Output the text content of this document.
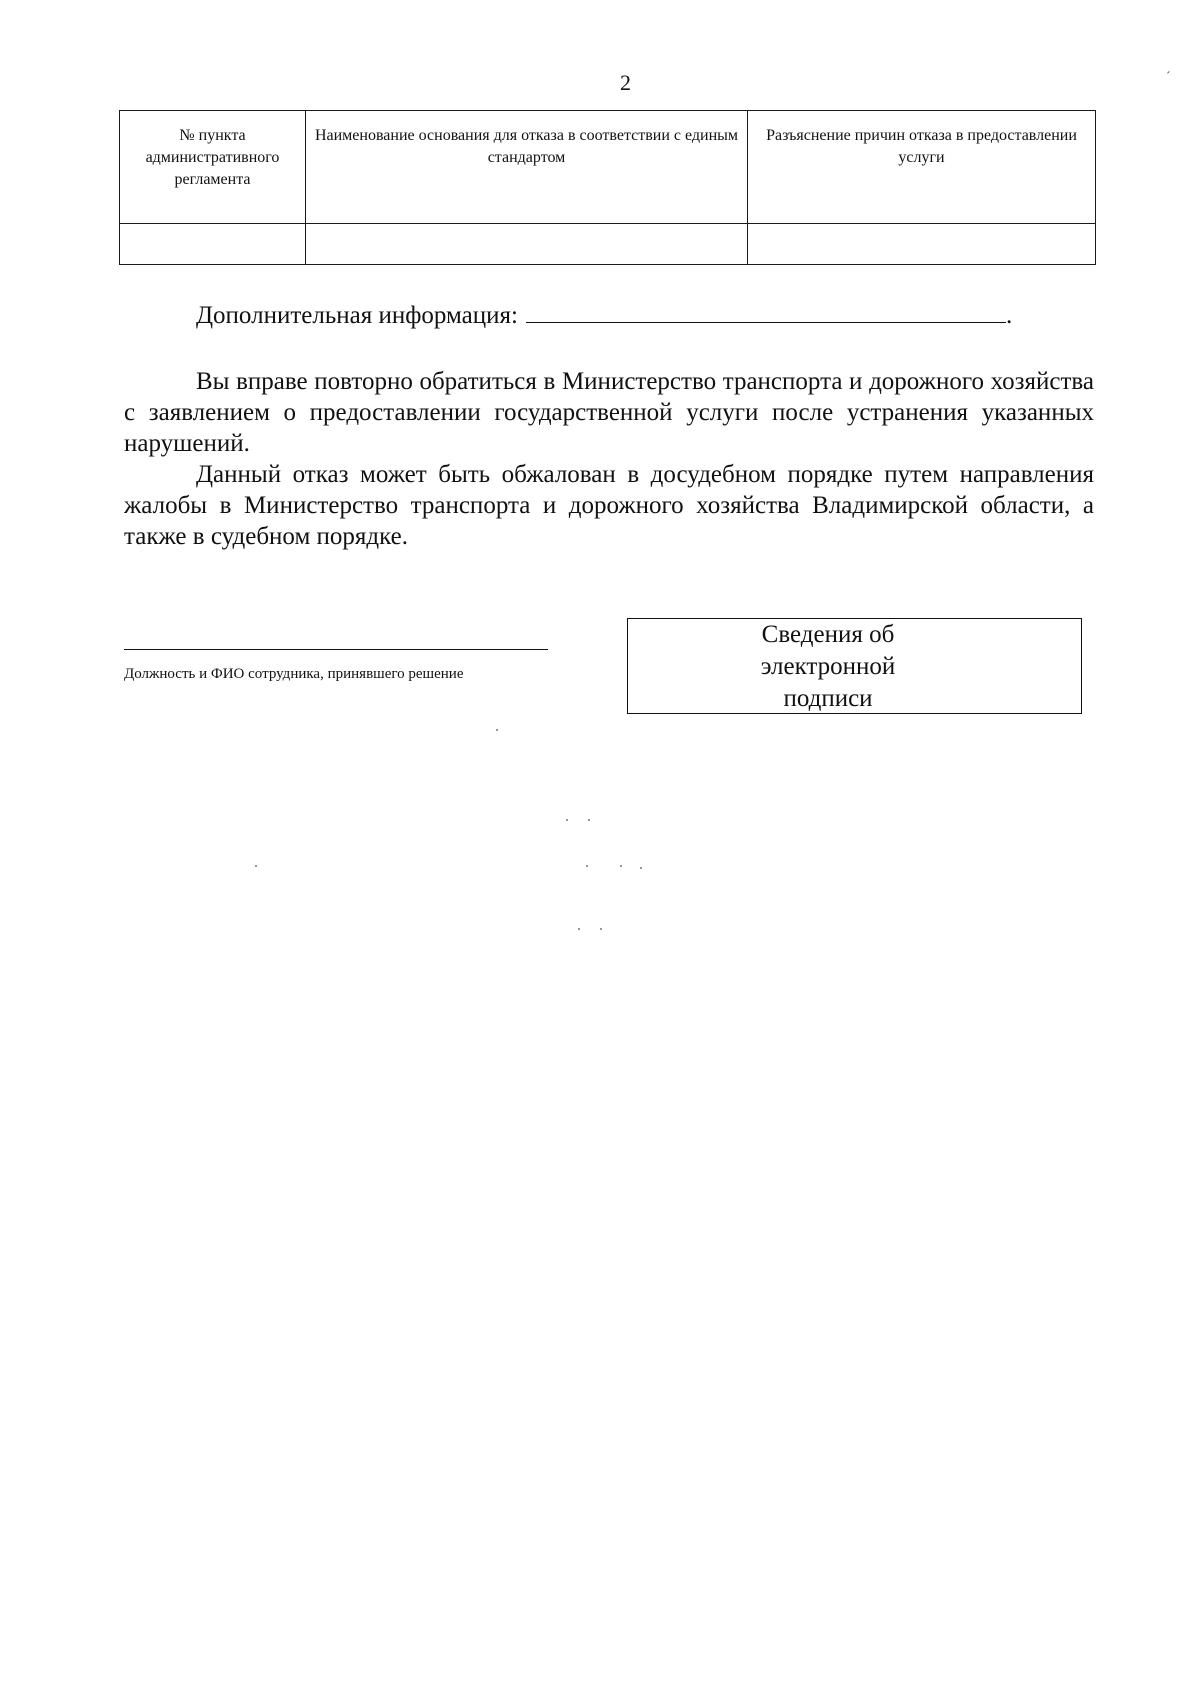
2	´
№ пункта административного регламента	Наименование основания для отказа в соответствии с единым стандартом	Разъяснение причин отказа в предоставлении услуги

Дополнительная информация:	.
Вы вправе повторно обратиться в Министерство транспорта и дорожного хозяйства с заявлением о предоставлении государственной услуги после устранения указанных нарушений.
Данный отказ может быть обжалован в досудебном порядке путем направления жалобы в Министерство транспорта и дорожного хозяйства Владимирской области, а также в судебном порядке.
Должность и ФИО сотрудника, принявшего решение
Сведения об
электронной
подписи
